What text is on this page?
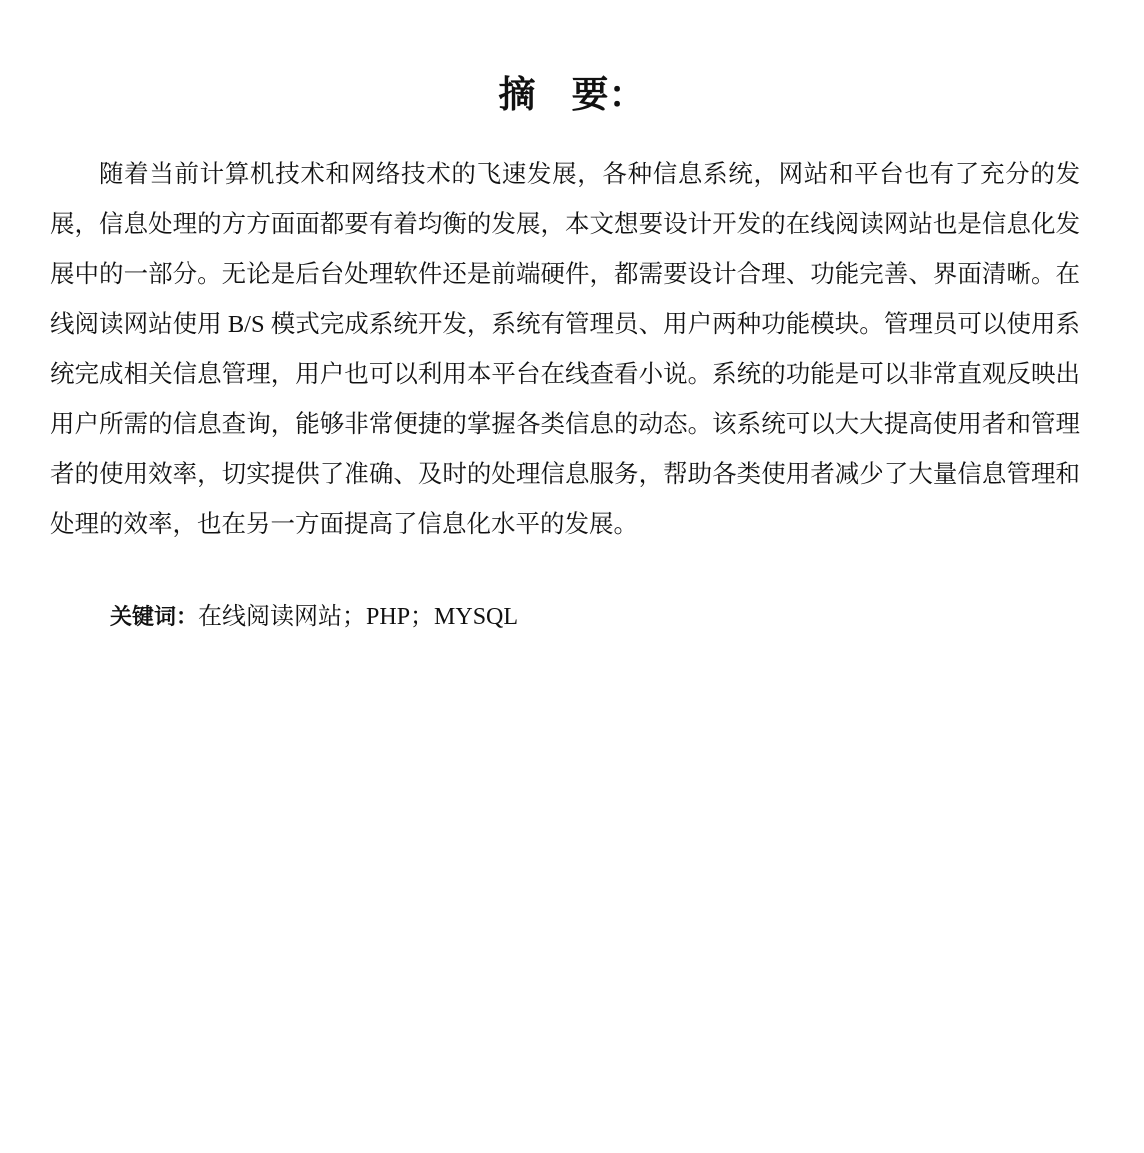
摘 要：

随着当前计算机技术和网络技术的飞速发展，各种信息系统，网站和平台也有了充分的发展，信息处理的方方面面都要有着均衡的发展，本文想要设计开发的在线阅读网站也是信息化发展中的一部分。无论是后台处理软件还是前端硬件，都需要设计合理、功能完善、界面清晰。在线阅读网站使用 B/S 模式完成系统开发，系统有管理员、用户两种功能模块。管理员可以使用系统完成相关信息管理，用户也可以利用本平台在线查看小说。系统的功能是可以非常直观反映出用户所需的信息查询，能够非常便捷的掌握各类信息的动态。该系统可以大大提高使用者和管理者的使用效率，切实提供了准确、及时的处理信息服务，帮助各类使用者减少了大量信息管理和处理的效率，也在另一方面提高了信息化水平的发展。

关键词：在线阅读网站；PHP；MYSQL
